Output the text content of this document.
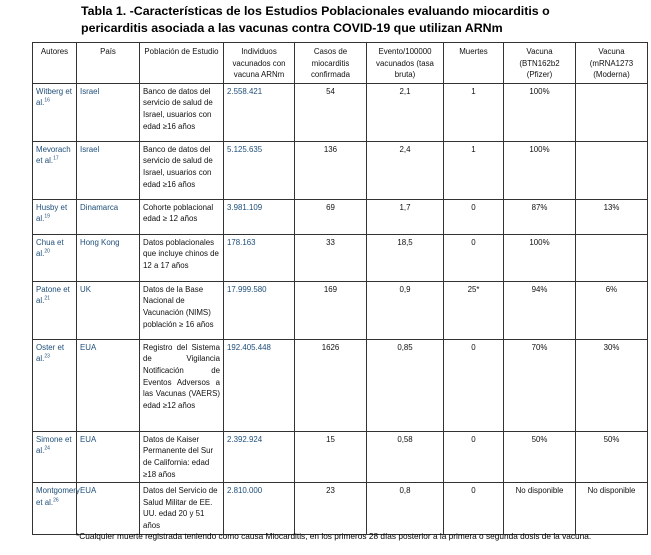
Tabla 1. -Características de los Estudios Poblacionales evaluando miocarditis o pericarditis asociada a las vacunas contra COVID-19 que utilizan ARNm
Autores	País	Población de Estudio	Individuos vacunados con vacuna ARNm	Casos de miocarditis confirmada	Evento/100000 vacunados (tasa bruta)	Muertes	Vacuna (BTN162b2 (Pfizer)	Vacuna (mRNA1273 (Moderna)
Witberg et al.$^{16}$	Israel	Banco de datos del servicio de salud de Israel, usuarios con edad ≥16 años	2.558.421	54	2,1	1	100%	
Mevorach et al.$^{17}$	Israel	Banco de datos del servicio de salud de Israel, usuarios con edad ≥16 años	5.125.635	136	2,4	1	100%	
Husby et al.$^{19}$	Dinamarca	Cohorte poblacional edad ≥ 12 años	3.981.109	69	1,7	0	87%	13%
Chua et al.$^{20}$	Hong Kong	Datos poblacionales que incluye chinos de 12 a 17 años	178.163	33	18,5	0	100%	
Patone et al.$^{21}$	UK	Datos de la Base Nacional de Vacunación (NIMS) población ≥ 16 años	17.999.580	169	0,9	25*	94%	6%
Oster et al.$^{23}$	EUA	Registro del Sistema de Vigilancia Notificación de Eventos Adversos a las Vacunas (VAERS) edad ≥12 años	192.405.448	1626	0,85	0	70%	30%
Simone et al.$^{24}$	EUA	Datos de Kaiser Permanente del Sur de California: edad ≥18 años	2.392.924	15	0,58	0	50%	50%
Montgomery et al.$^{26}$	EUA	Datos del Servicio de Salud Militar de EE. UU. edad 20 y 51 años	2.810.000	23	0,8	0	No disponible	No disponible
*Cualquier muerte registrada teniendo como causa Miocarditis, en los primeros 28 días posterior a la primera o segunda dosis de la vacuna.
